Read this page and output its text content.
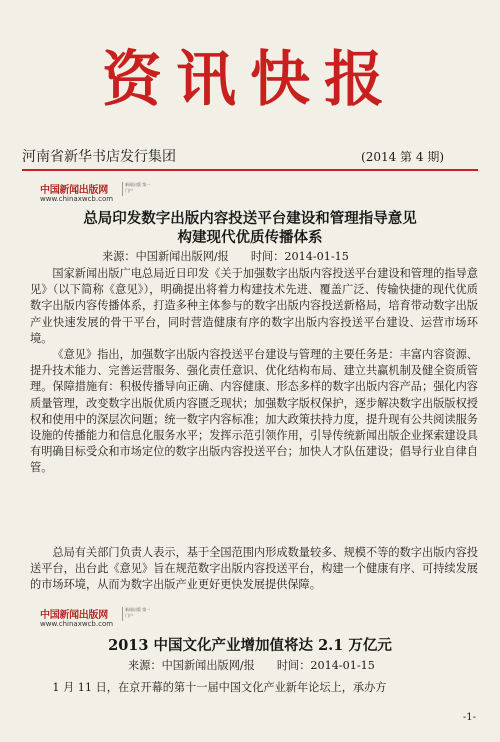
资讯快报
河南省新华书店发行集团	(2014 第 4 期)
中国新闻出版网
www.chinaxwcb.com
新闻出版 第一门户
总局印发数字出版内容投送平台建设和管理指导意见
构建现代优质传播体系
来源：中国新闻出版网/报 时间：2014-01-15

国家新闻出版广电总局近日印发《关于加强数字出版内容投送平台建设和管理的指导意见》（以下简称《意见》），明确提出将着力构建技术先进、覆盖广泛、传输快捷的现代优质数字出版内容传播体系，打造多种主体参与的数字出版内容投送新格局，培育带动数字出版产业快速发展的骨干平台，同时营造健康有序的数字出版内容投送平台建设、运营市场环境。

《意见》指出，加强数字出版内容投送平台建设与管理的主要任务是：丰富内容资源、提升技术能力、完善运营服务、强化责任意识、优化结构布局、建立共赢机制及健全资质管理。保障措施有：积极传播导向正确、内容健康、形态多样的数字出版内容产品；强化内容质量管理，改变数字出版优质内容匮乏现状；加强数字版权保护，逐步解决数字出版版权授权和使用中的深层次问题；统一数字内容标准；加大政策扶持力度，提升现有公共阅读服务设施的传播能力和信息化服务水平；发挥示范引领作用，引导传统新闻出版企业探索建设具有明确目标受众和市场定位的数字出版内容投送平台；加快人才队伍建设；倡导行业自律自管。

总局有关部门负责人表示，基于全国范围内形成数量较多、规模不等的数字出版内容投送平台，出台此《意见》旨在规范数字出版内容投送平台，构建一个健康有序、可持续发展的市场环境，从而为数字出版产业更好更快发展提供保障。

中国新闻出版网
www.chinaxwcb.com
新闻出版 第一门户
2013 中国文化产业增加值将达 2.1 万亿元
来源：中国新闻出版网/报 时间：2014-01-15

1 月 11 日，在京开幕的第十一届中国文化产业新年论坛上，承办方

-1-
